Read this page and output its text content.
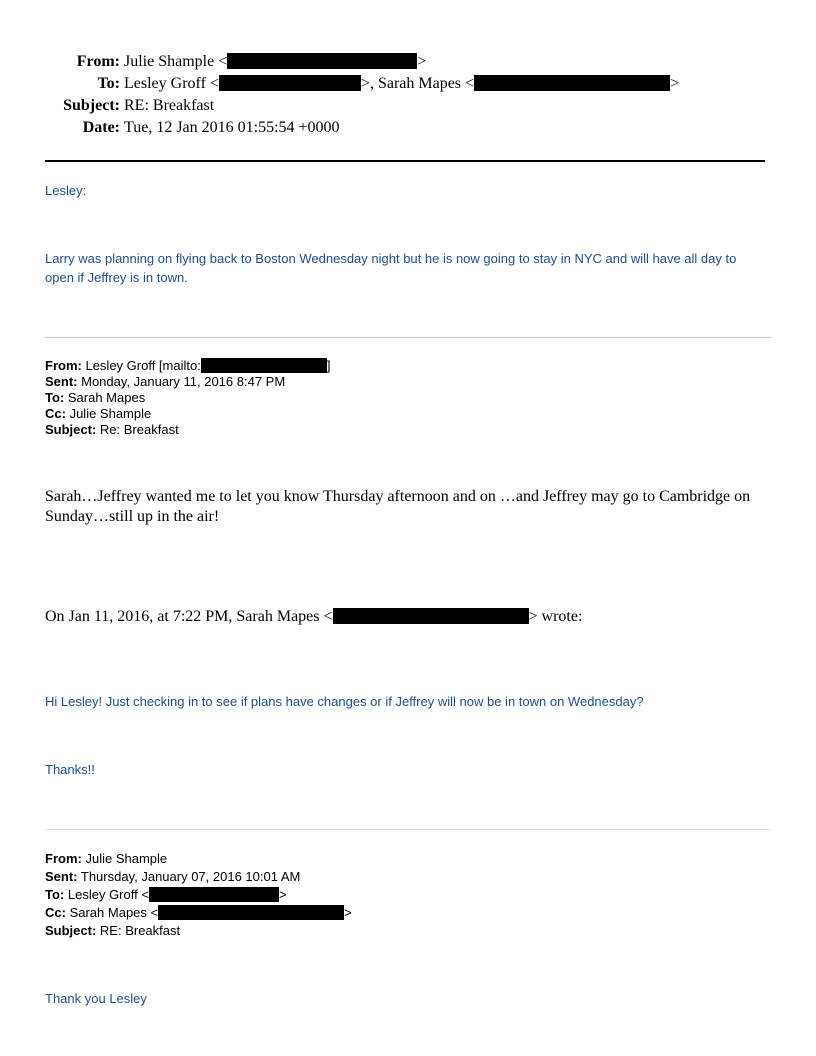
From: Julie Shample <	>
To: Lesley Groff <	>, Sarah Mapes <	>
Subject: RE: Breakfast
Date: Tue, 12 Jan 2016 01:55:54 +0000
Lesley:
Larry was planning on flying back to Boston Wednesday night but he is now going to stay in NYC and will have all day to open if Jeffrey is in town.
From: Lesley Groff [mailto:	]
Sent: Monday, January 11, 2016 8:47 PM
To: Sarah Mapes
Cc: Julie Shample
Subject: Re: Breakfast
Sarah…Jeffrey wanted me to let you know Thursday afternoon and on …and Jeffrey may go to Cambridge on Sunday…still up in the air!
On Jan 11, 2016, at 7:22 PM, Sarah Mapes <	> wrote:
Hi Lesley! Just checking in to see if plans have changes or if Jeffrey will now be in town on Wednesday?
Thanks!!
From: Julie Shample
Sent: Thursday, January 07, 2016 10:01 AM
To: Lesley Groff <	>
Cc: Sarah Mapes <	>
Subject: RE: Breakfast
Thank you Lesley
